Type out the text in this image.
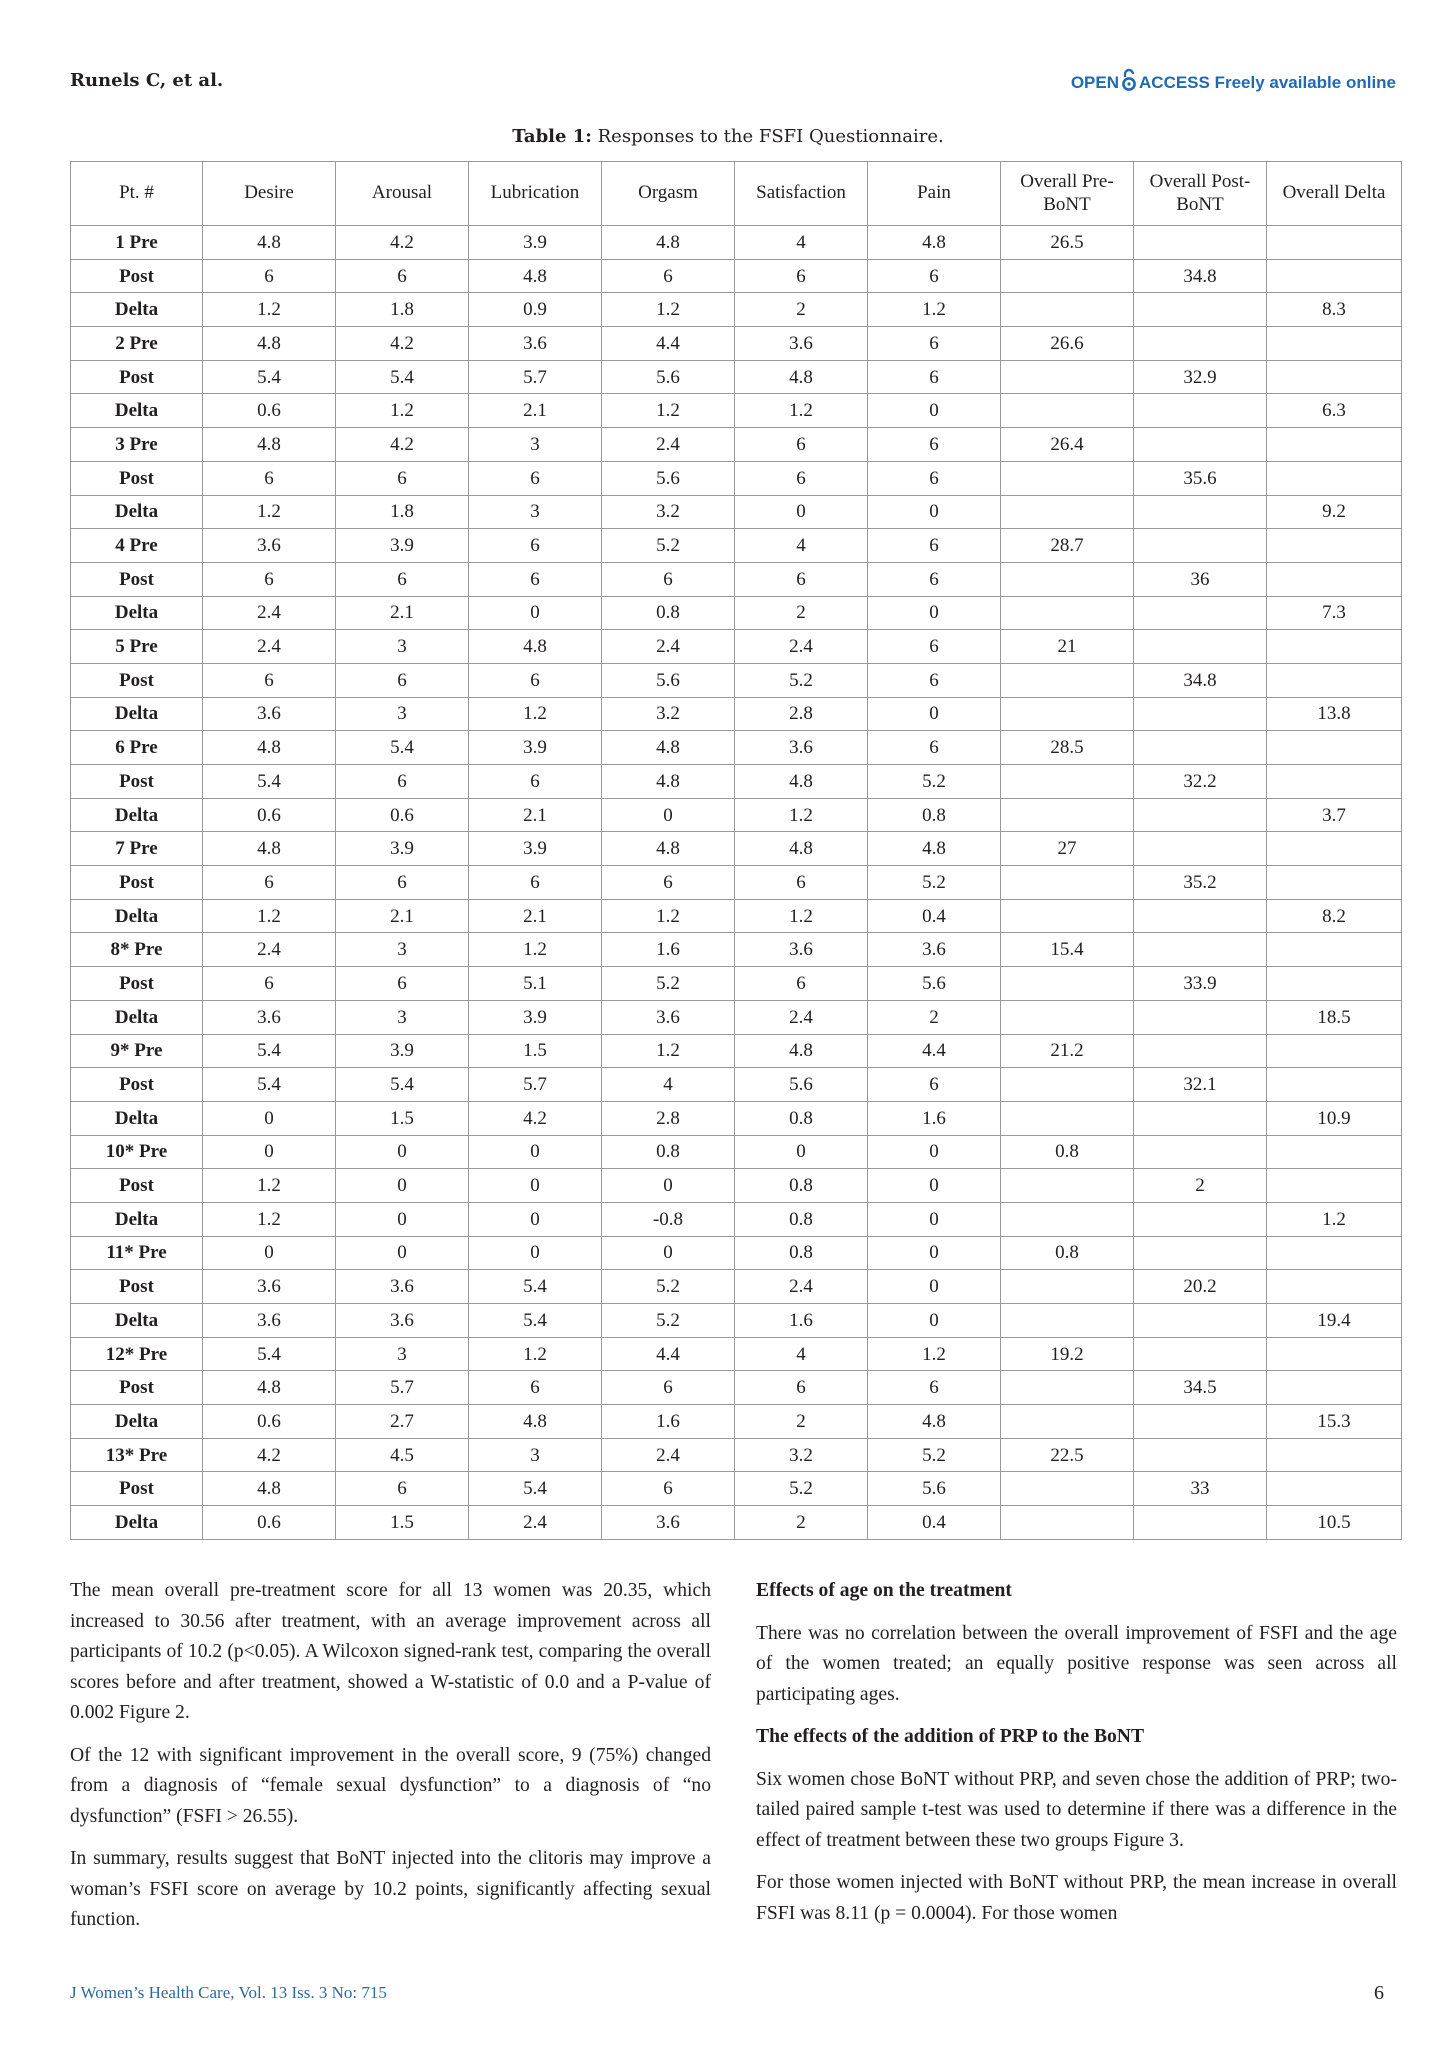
Runels C, et al.	OPEN ACCESS Freely available online
Table 1: Responses to the FSFI Questionnaire.
Pt. #	Desire	Arousal	Lubrication	Orgasm	Satisfaction	Pain	Overall Pre-BoNT	Overall Post-BoNT	Overall Delta
1 Pre	4.8	4.2	3.9	4.8	4	4.8	26.5		
Post	6	6	4.8	6	6	6		34.8	
Delta	1.2	1.8	0.9	1.2	2	1.2			8.3
2 Pre	4.8	4.2	3.6	4.4	3.6	6	26.6		
Post	5.4	5.4	5.7	5.6	4.8	6		32.9	
Delta	0.6	1.2	2.1	1.2	1.2	0			6.3
3 Pre	4.8	4.2	3	2.4	6	6	26.4		
Post	6	6	6	5.6	6	6		35.6	
Delta	1.2	1.8	3	3.2	0	0			9.2
4 Pre	3.6	3.9	6	5.2	4	6	28.7		
Post	6	6	6	6	6	6		36	
Delta	2.4	2.1	0	0.8	2	0			7.3
5 Pre	2.4	3	4.8	2.4	2.4	6	21		
Post	6	6	6	5.6	5.2	6		34.8	
Delta	3.6	3	1.2	3.2	2.8	0			13.8
6 Pre	4.8	5.4	3.9	4.8	3.6	6	28.5		
Post	5.4	6	6	4.8	4.8	5.2		32.2	
Delta	0.6	0.6	2.1	0	1.2	0.8			3.7
7 Pre	4.8	3.9	3.9	4.8	4.8	4.8	27		
Post	6	6	6	6	6	5.2		35.2	
Delta	1.2	2.1	2.1	1.2	1.2	0.4			8.2
8* Pre	2.4	3	1.2	1.6	3.6	3.6	15.4		
Post	6	6	5.1	5.2	6	5.6		33.9	
Delta	3.6	3	3.9	3.6	2.4	2			18.5
9* Pre	5.4	3.9	1.5	1.2	4.8	4.4	21.2		
Post	5.4	5.4	5.7	4	5.6	6		32.1	
Delta	0	1.5	4.2	2.8	0.8	1.6			10.9
10* Pre	0	0	0	0.8	0	0	0.8		
Post	1.2	0	0	0	0.8	0		2	
Delta	1.2	0	0	-0.8	0.8	0			1.2
11* Pre	0	0	0	0	0.8	0	0.8		
Post	3.6	3.6	5.4	5.2	2.4	0		20.2	
Delta	3.6	3.6	5.4	5.2	1.6	0			19.4
12* Pre	5.4	3	1.2	4.4	4	1.2	19.2		
Post	4.8	5.7	6	6	6	6		34.5	
Delta	0.6	2.7	4.8	1.6	2	4.8			15.3
13* Pre	4.2	4.5	3	2.4	3.2	5.2	22.5		
Post	4.8	6	5.4	6	5.2	5.6		33	
Delta	0.6	1.5	2.4	3.6	2	0.4			10.5

The mean overall pre-treatment score for all 13 women was 20.35, which increased to 30.56 after treatment, with an average improvement across all participants of 10.2 (p<0.05). A Wilcoxon signed-rank test, comparing the overall scores before and after treatment, showed a W-statistic of 0.0 and a P-value of 0.002 Figure 2.

Of the 12 with significant improvement in the overall score, 9 (75%) changed from a diagnosis of “female sexual dysfunction” to a diagnosis of “no dysfunction” (FSFI > 26.55).

In summary, results suggest that BoNT injected into the clitoris may improve a woman’s FSFI score on average by 10.2 points, significantly affecting sexual function.

Effects of age on the treatment

There was no correlation between the overall improvement of FSFI and the age of the women treated; an equally positive response was seen across all participating ages.

The effects of the addition of PRP to the BoNT

Six women chose BoNT without PRP, and seven chose the addition of PRP; two-tailed paired sample t-test was used to determine if there was a difference in the effect of treatment between these two groups Figure 3.

For those women injected with BoNT without PRP, the mean increase in overall FSFI was 8.11 (p = 0.0004). For those women

J Women’s Health Care, Vol. 13 Iss. 3 No: 715	6
